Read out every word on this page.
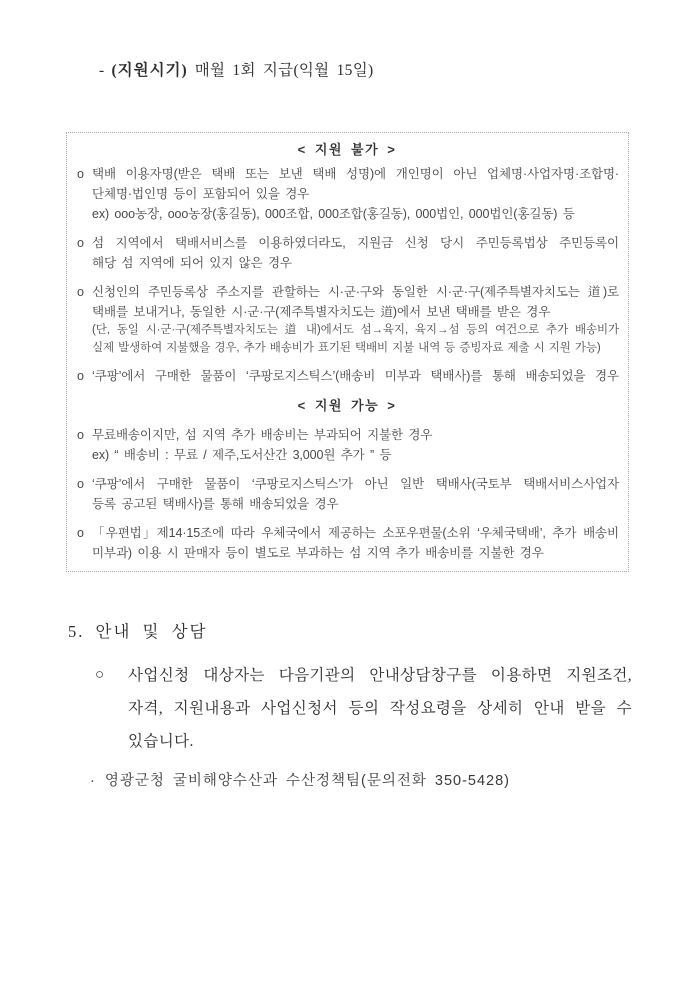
- (지원시기) 매월 1회 지급(익월 15일)
< 지원 불가 >
o 택배 이용자명(받은 택배 또는 보낸 택배 성명)에 개인명이 아닌 업체명·사업자명·조합명·
단체명·법인명 등이 포함되어 있을 경우
ex) ooo농장, ooo농장(홍길동), 000조합, 000조합(홍길동), 000법인, 000법인(홍길동) 등
o 섬 지역에서 택배서비스를 이용하였더라도, 지원금 신청 당시 주민등록법상 주민등록이
해당 섬 지역에 되어 있지 않은 경우
o 신청인의 주민등록상 주소지를 관할하는 시·군·구와 동일한 시·군·구(제주특별자치도는 道)로
택배를 보내거나, 동일한 시·군·구(제주특별자치도는 道)에서 보낸 택배를 받은 경우
(단, 동일 시·군·구(제주특별자치도는 道 내)에서도 섬→육지, 육지→섬 등의 여건으로 추가 배송비가
실제 발생하여 지불했을 경우, 추가 배송비가 표기된 택배비 지불 내역 등 증빙자료 제출 시 지원 가능)
o ‘쿠팡’에서 구매한 물품이 ‘쿠팡로지스틱스’(배송비 미부과 택배사)를 통해 배송되었을 경우
< 지원 가능 >
o 무료배송이지만, 섬 지역 추가 배송비는 부과되어 지불한 경우
ex) “ 배송비 : 무료 / 제주,도서산간 3,000원 추가 ” 등
o ‘쿠팡’에서 구매한 물품이 ‘쿠팡로지스틱스’가 아닌 일반 택배사(국토부 택배서비스사업자
등록 공고된 택배사)를 통해 배송되었을 경우
o 「우편법」제14·15조에 따라 우체국에서 제공하는 소포우편물(소위 ‘우체국택배’, 추가 배송비
미부과) 이용 시 판매자 등이 별도로 부과하는 섬 지역 추가 배송비를 지불한 경우
5. 안내 및 상담
○ 사업신청 대상자는 다음기관의 안내상담창구를 이용하면 지원조건,
자격, 지원내용과 사업신청서 등의 작성요령을 상세히 안내 받을 수 있습니다.
· 영광군청 굴비해양수산과 수산정책팀(문의전화 350-5428)
